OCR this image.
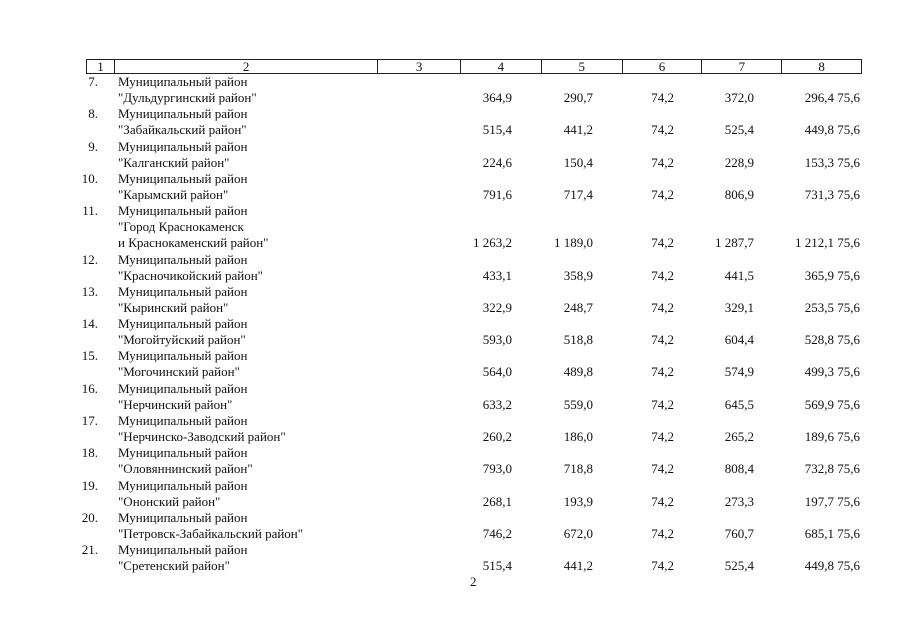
1	2	3	4	5	6	7	8
7. Муниципальный район
"Дульдургинский район"	364,9	290,7	74,2	372,0	296,4 75,6
8. Муниципальный район
"Забайкальский район"	515,4	441,2	74,2	525,4	449,8 75,6
9. Муниципальный район
"Калганский район"	224,6	150,4	74,2	228,9	153,3 75,6
10. Муниципальный район
"Карымский район"	791,6	717,4	74,2	806,9	731,3 75,6
11. Муниципальный район
"Город Краснокаменск
и Краснокаменский район"	1 263,2	1 189,0	74,2	1 287,7	1 212,1 75,6
12. Муниципальный район
"Красночикойский район"	433,1	358,9	74,2	441,5	365,9 75,6
13. Муниципальный район
"Кыринский район"	322,9	248,7	74,2	329,1	253,5 75,6
14. Муниципальный район
"Могойтуйский район"	593,0	518,8	74,2	604,4	528,8 75,6
15. Муниципальный район
"Могочинский район"	564,0	489,8	74,2	574,9	499,3 75,6
16. Муниципальный район
"Нерчинский район"	633,2	559,0	74,2	645,5	569,9 75,6
17. Муниципальный район
"Нерчинско-Заводский район"	260,2	186,0	74,2	265,2	189,6 75,6
18. Муниципальный район
"Оловяннинский район"	793,0	718,8	74,2	808,4	732,8 75,6
19. Муниципальный район
"Ононский район"	268,1	193,9	74,2	273,3	197,7 75,6
20. Муниципальный район
"Петровск-Забайкальский район"	746,2	672,0	74,2	760,7	685,1 75,6
21. Муниципальный район
"Сретенский район"	515,4	441,2	74,2	525,4	449,8 75,6
2
